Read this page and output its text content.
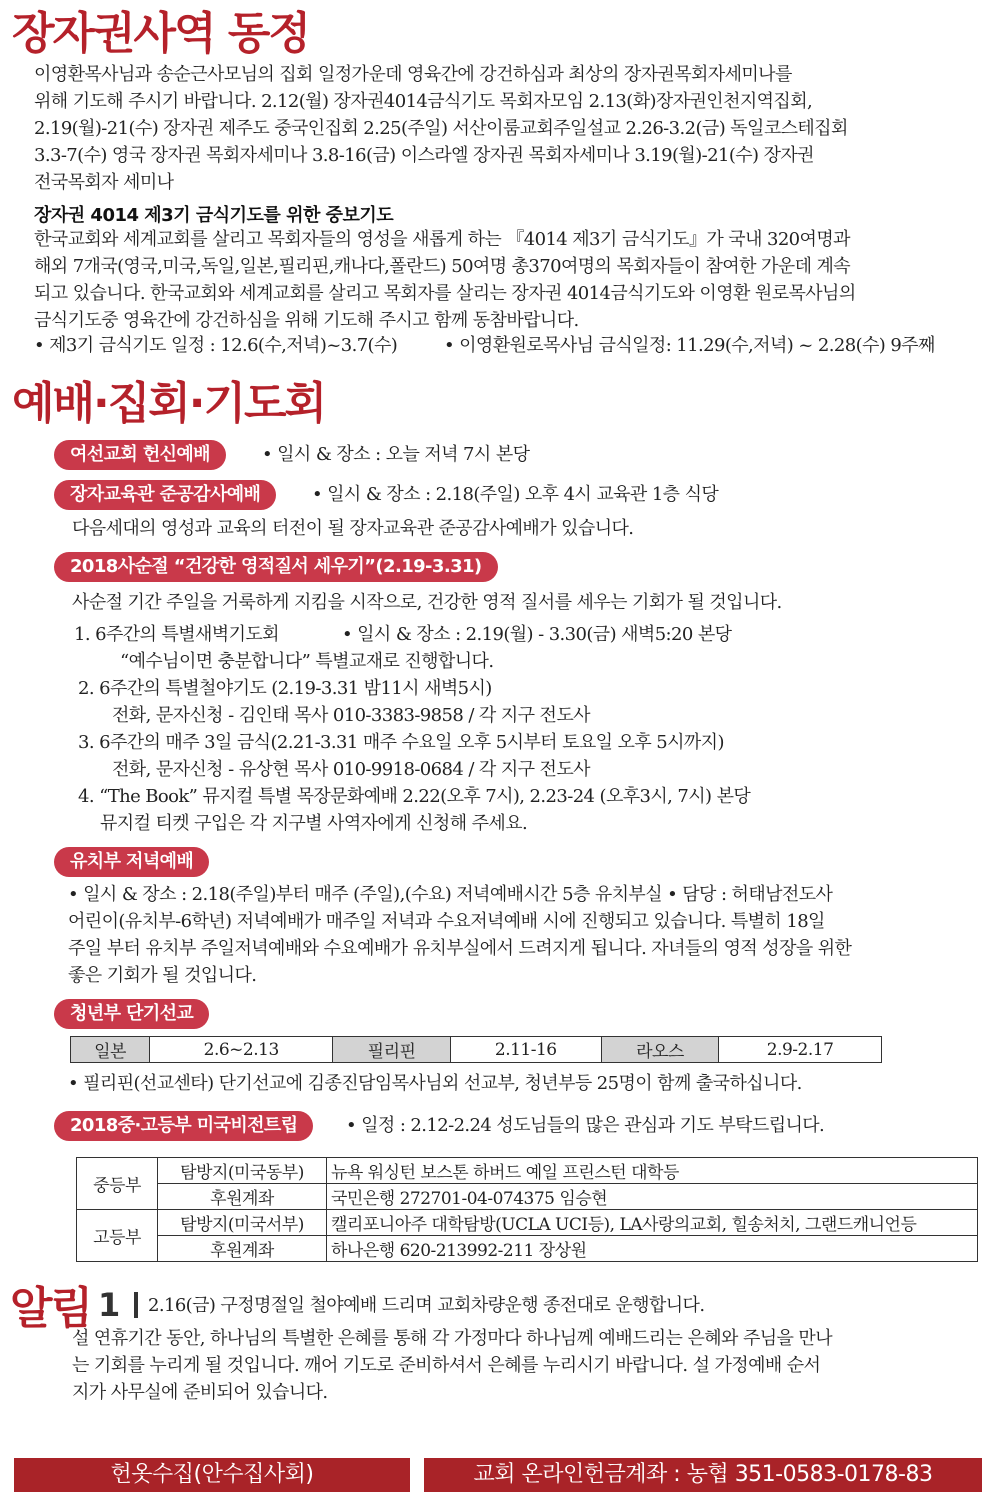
장자권사역 동정
이영환목사님과 송순근사모님의 집회 일정가운데 영육간에 강건하심과 최상의 장자권목회자세미나를
위해 기도해 주시기 바랍니다. 2.12(월) 장자권4014금식기도 목회자모임 2.13(화)장자권인천지역집회,
2.19(월)-21(수) 장자권 제주도 중국인집회 2.25(주일) 서산이룸교회주일설교 2.26-3.2(금) 독일코스테집회
3.3-7(수) 영국 장자권 목회자세미나 3.8-16(금) 이스라엘 장자권 목회자세미나 3.19(월)-21(수) 장자권
전국목회자 세미나
장자권 4014 제3기 금식기도를 위한 중보기도
한국교회와 세계교회를 살리고 목회자들의 영성을 새롭게 하는 『4014 제3기 금식기도』가 국내 320여명과
해외 7개국(영국,미국,독일,일본,필리핀,캐나다,폴란드) 50여명 총370여명의 목회자들이 참여한 가운데 계속
되고 있습니다. 한국교회와 세계교회를 살리고 목회자를 살리는 장자권 4014금식기도와 이영환 원로목사님의
금식기도중 영육간에 강건하심을 위해 기도해 주시고 함께 동참바랍니다.
• 제3기 금식기도 일정 : 12.6(수,저녁)~3.7(수)	• 이영환원로목사님 금식일정: 11.29(수,저녁) ~ 2.28(수) 9주째
예배·집회·기도회
여선교회 헌신예배	• 일시 & 장소 : 오늘 저녁 7시 본당
장자교육관 준공감사예배	• 일시 & 장소 : 2.18(주일) 오후 4시 교육관 1층 식당
다음세대의 영성과 교육의 터전이 될 장자교육관 준공감사예배가 있습니다.
2018사순절 “건강한 영적질서 세우기”(2.19-3.31)
사순절 기간 주일을 거룩하게 지킴을 시작으로, 건강한 영적 질서를 세우는 기회가 될 것입니다.
1. 6주간의 특별새벽기도회	• 일시 & 장소 : 2.19(월) - 3.30(금) 새벽5:20 본당
“예수님이면 충분합니다” 특별교재로 진행합니다.
2. 6주간의 특별철야기도 (2.19-3.31 밤11시 새벽5시)
전화, 문자신청 - 김인태 목사 010-3383-9858 / 각 지구 전도사
3. 6주간의 매주 3일 금식(2.21-3.31 매주 수요일 오후 5시부터 토요일 오후 5시까지)
전화, 문자신청 - 유상현 목사 010-9918-0684 / 각 지구 전도사
4. “The Book” 뮤지컬 특별 목장문화예배 2.22(오후 7시), 2.23-24 (오후3시, 7시) 본당
뮤지컬 티켓 구입은 각 지구별 사역자에게 신청해 주세요.
유치부 저녁예배
• 일시 & 장소 : 2.18(주일)부터 매주 (주일),(수요) 저녁예배시간 5층 유치부실 • 담당 : 허태남전도사
어린이(유치부-6학년) 저녁예배가 매주일 저녁과 수요저녁예배 시에 진행되고 있습니다. 특별히 18일
주일 부터 유치부 주일저녁예배와 수요예배가 유치부실에서 드려지게 됩니다. 자녀들의 영적 성장을 위한
좋은 기회가 될 것입니다.
청년부 단기선교
일본	2.6~2.13	필리핀	2.11-16	라오스	2.9-2.17
• 필리핀(선교센타) 단기선교에 김종진담임목사님외 선교부, 청년부등 25명이 함께 출국하십니다.
2018중·고등부 미국비전트립	• 일정 : 2.12-2.24 성도님들의 많은 관심과 기도 부탁드립니다.
중등부	탐방지(미국동부)	뉴욕 워싱턴 보스톤 하버드 예일 프린스턴 대학등
	후원계좌	국민은행 272701-04-074375 임승현
고등부	탐방지(미국서부)	캘리포니아주 대학탐방(UCLA UCI등), LA사랑의교회, 힐송처치, 그랜드캐니언등
	후원계좌	하나은행 620-213992-211 장상원
알림 1 2.16(금) 구정명절일 철야예배 드리며 교회차량운행 종전대로 운행합니다.
설 연휴기간 동안, 하나님의 특별한 은혜를 통해 각 가정마다 하나님께 예배드리는 은혜와 주님을 만나
는 기회를 누리게 될 것입니다. 깨어 기도로 준비하셔서 은혜를 누리시기 바랍니다. 설 가정예배 순서
지가 사무실에 준비되어 있습니다.
헌옷수집(안수집사회)	교회 온라인헌금계좌 : 농협 351-0583-0178-83
